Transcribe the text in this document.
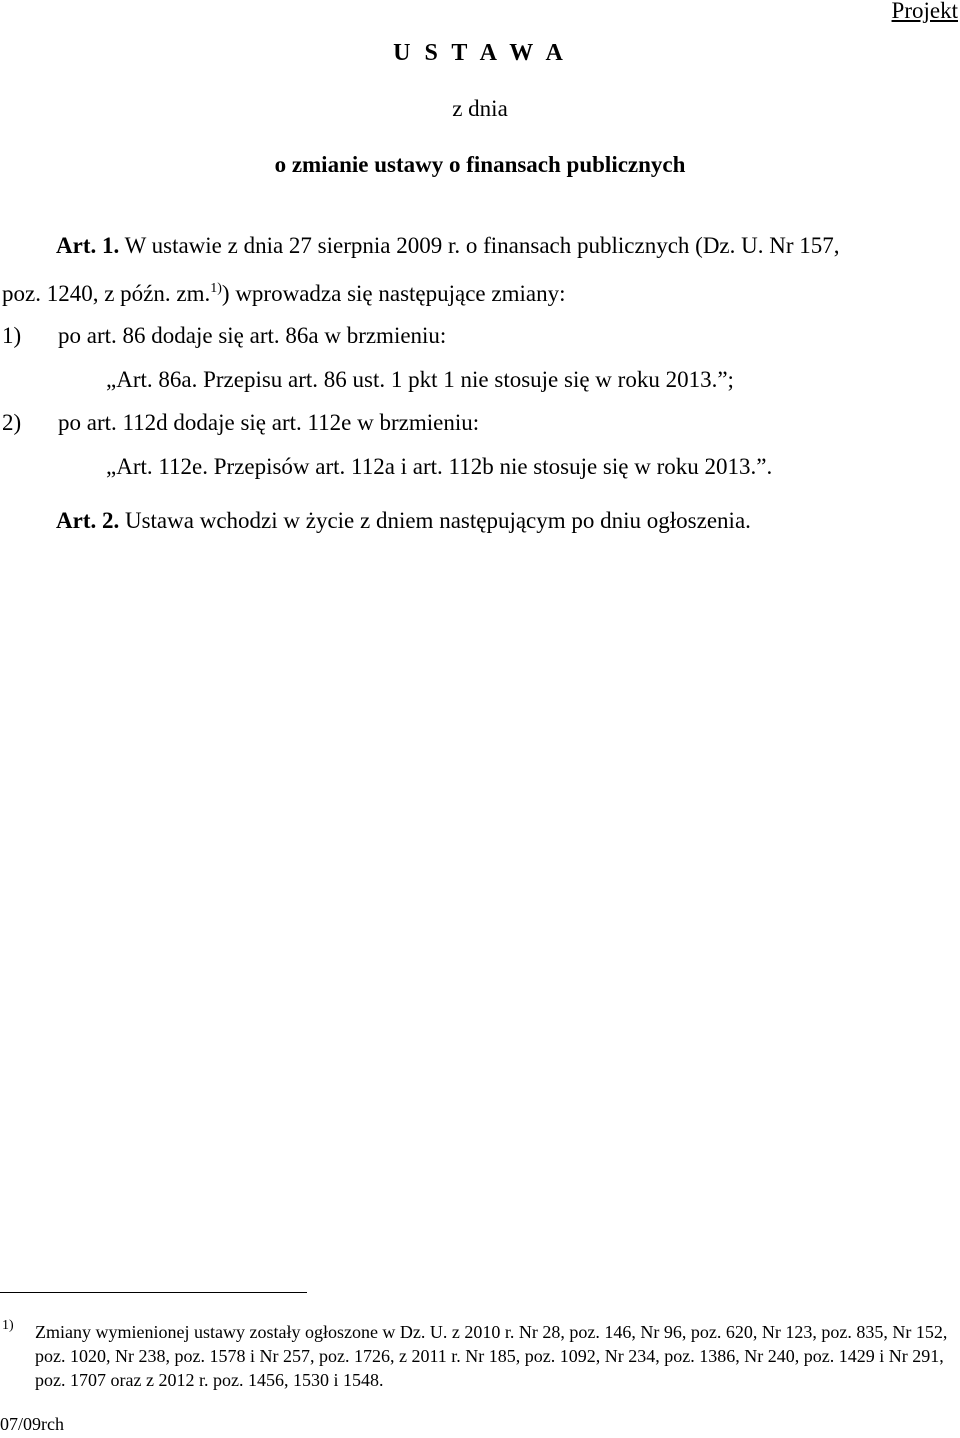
Projekt
U S T A W A
z dnia
o zmianie ustawy o finansach publicznych
Art. 1. W ustawie z dnia 27 sierpnia 2009 r. o finansach publicznych (Dz. U. Nr 157,
poz. 1240, z późn. zm.$^{1)}$) wprowadza się następujące zmiany:
1) po art. 86 dodaje się art. 86a w brzmieniu:
„Art. 86a. Przepisu art. 86 ust. 1 pkt 1 nie stosuje się w roku 2013.”;
2) po art. 112d dodaje się art. 112e w brzmieniu:
„Art. 112e. Przepisów art. 112a i art. 112b nie stosuje się w roku 2013.”.
Art. 2. Ustawa wchodzi w życie z dniem następującym po dniu ogłoszenia.
1) Zmiany wymienionej ustawy zostały ogłoszone w Dz. U. z 2010 r. Nr 28, poz. 146, Nr 96, poz. 620, Nr 123, poz. 835, Nr 152, poz. 1020, Nr 238, poz. 1578 i Nr 257, poz. 1726, z 2011 r. Nr 185, poz. 1092, Nr 234, poz. 1386, Nr 240, poz. 1429 i Nr 291, poz. 1707 oraz z 2012 r. poz. 1456, 1530 i 1548.
07/09rch
